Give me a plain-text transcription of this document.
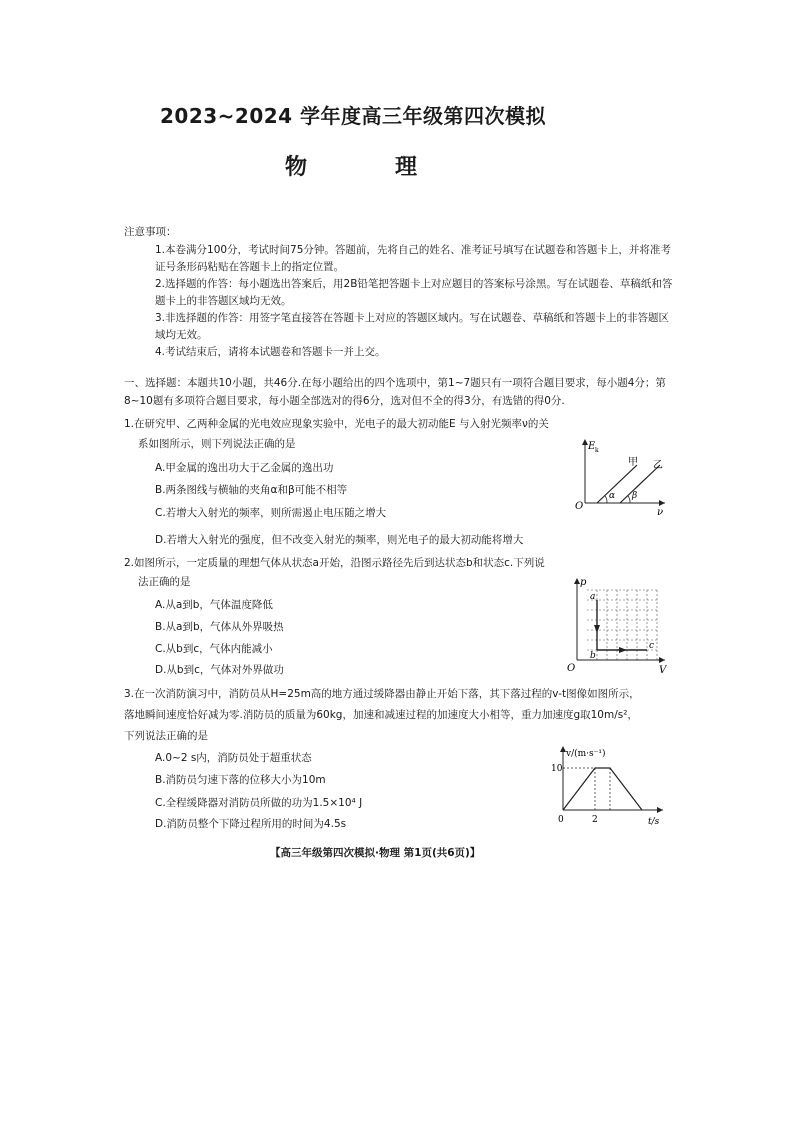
2023~2024 学年度高三年级第四次模拟
物	理
注意事项：
1.本卷满分100分，考试时间75分钟。答题前，先将自己的姓名、准考证号填写在试题卷和答题卡上，并将准考证号条形码粘贴在答题卡上的指定位置。
2.选择题的作答：每小题选出答案后，用2B铅笔把答题卡上对应题目的答案标号涂黑。写在试题卷、草稿纸和答题卡上的非答题区域均无效。
3.非选择题的作答：用签字笔直接答在答题卡上对应的答题区域内。写在试题卷、草稿纸和答题卡上的非答题区域均无效。
4.考试结束后，请将本试题卷和答题卡一并上交。
一、选择题：本题共10小题，共46分.在每小题给出的四个选项中，第1~7题只有一项符合题目要求，每小题4分；第8~10题有多项符合题目要求，每小题全部选对的得6分，选对但不全的得3分，有选错的得0分.
1.在研究甲、乙两种金属的光电效应现象实验中，光电子的最大初动能E 与入射光频率ν的关
系如图所示，则下列说法正确的是
A.甲金属的逸出功大于乙金属的逸出功
B.两条图线与横轴的夹角α和β可能不相等
C.若增大入射光的频率，则所需遏止电压随之增大
D.若增大入射光的强度，但不改变入射光的频率，则光电子的最大初动能将增大
E k
O
ν
甲 乙
α β
2.如图所示，一定质量的理想气体从状态a开始，沿图示路径先后到达状态b和状态c.下列说
法正确的是
A.从a到b，气体温度降低
B.从a到b，气体从外界吸热
C.从b到c，气体内能减小
D.从b到c，气体对外界做功
p
O	V
a
b
c
3.在一次消防演习中，消防员从H=25m高的地方通过缓降器由静止开始下落，其下落过程的v-t图像如图所示，
落地瞬间速度恰好减为零.消防员的质量为60kg，加速和减速过程的加速度大小相等，重力加速度g取10m/s²，
下列说法正确的是
A.0~2 s内，消防员处于超重状态
B.消防员匀速下落的位移大小为10m
C.全程缓降器对消防员所做的功为1.5×10⁴ J
D.消防员整个下降过程所用的时间为4.5s
v/(m·s⁻¹)
10
0	2	t/s
【高三年级第四次模拟·物理 第1页(共6页)】
